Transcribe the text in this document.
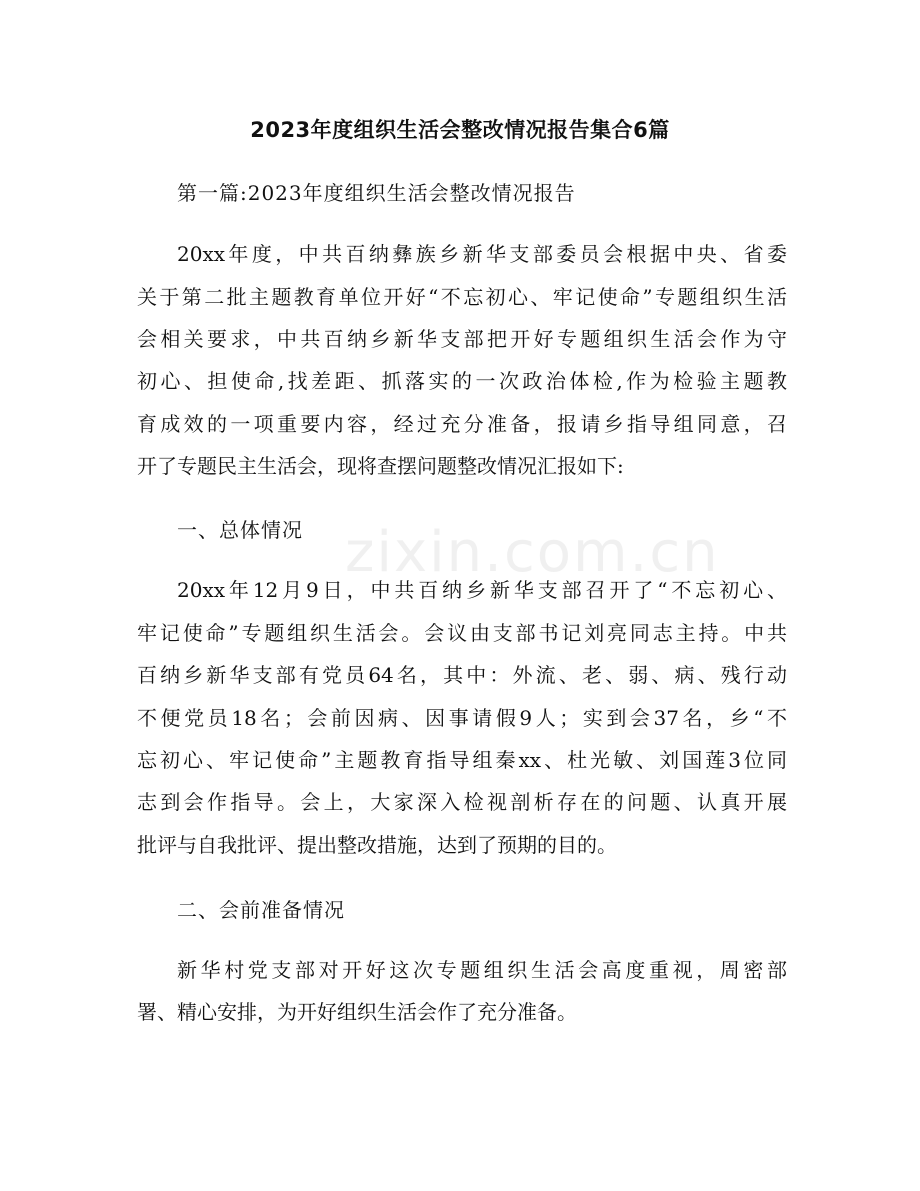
2023年度组织生活会整改情况报告集合6篇
第一篇:2023年度组织生活会整改情况报告
20xx年度，中共百纳彝族乡新华支部委员会根据中央、省委
关于第二批主题教育单位开好“不忘初心、牢记使命”专题组织生活
会相关要求，中共百纳乡新华支部把开好专题组织生活会作为守
初心、担使命,找差距、抓落实的一次政治体检,作为检验主题教
育成效的一项重要内容，经过充分准备，报请乡指导组同意，召
开了专题民主生活会，现将查摆问题整改情况汇报如下:
一、总体情况
20xx年12月9日，中共百纳乡新华支部召开了“不忘初心、
牢记使命”专题组织生活会。会议由支部书记刘亮同志主持。中共
百纳乡新华支部有党员64名，其中：外流、老、弱、病、残行动
不便党员18名；会前因病、因事请假9人；实到会37名，乡“不
忘初心、牢记使命”主题教育指导组秦xx、杜光敏、刘国莲3位同
志到会作指导。会上，大家深入检视剖析存在的问题、认真开展
批评与自我批评、提出整改措施，达到了预期的目的。
二、会前准备情况
新华村党支部对开好这次专题组织生活会高度重视，周密部
署、精心安排，为开好组织生活会作了充分准备。
zixin.com.cn
